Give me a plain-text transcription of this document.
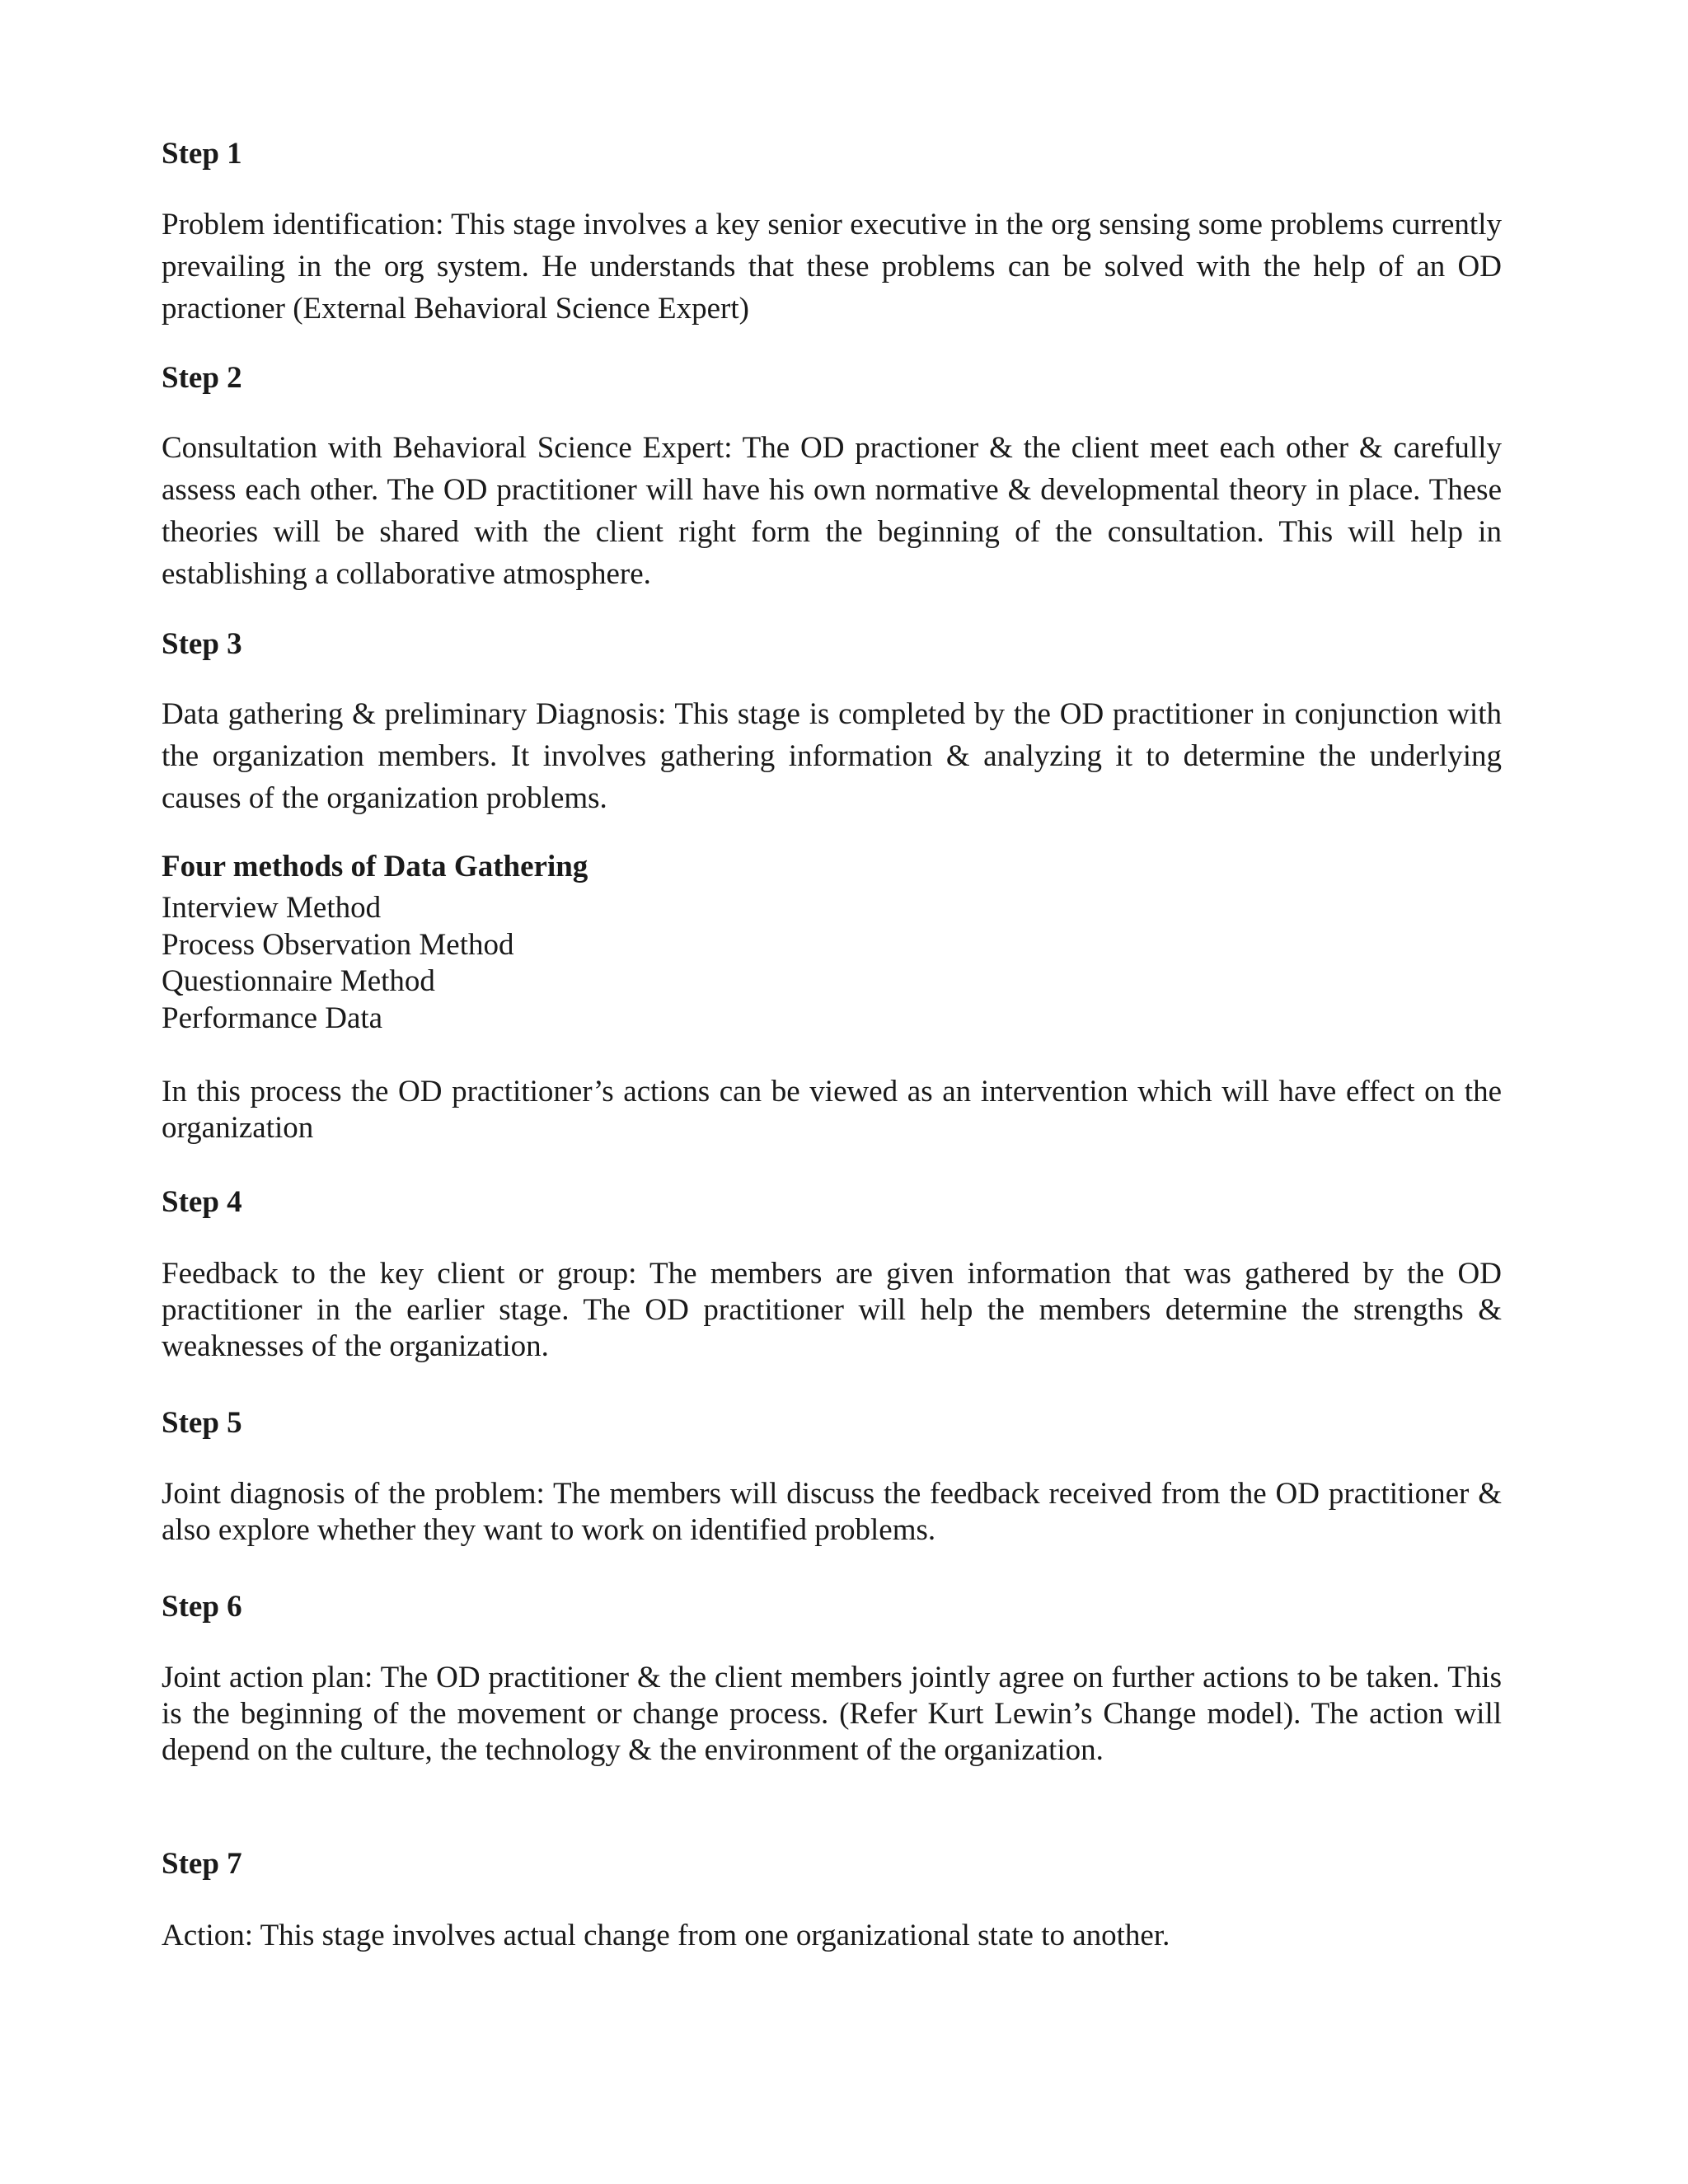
Step 1

Problem identification: This stage involves a key senior executive in the org sensing some problems currently prevailing in the org system. He understands that these problems can be solved with the help of an OD practioner (External Behavioral Science Expert)

Step 2

Consultation with Behavioral Science Expert: The OD practioner & the client meet each other & carefully assess each other. The OD practitioner will have his own normative & developmental theory in place. These theories will be shared with the client right form the beginning of the consultation. This will help in establishing a collaborative atmosphere.

Step 3

Data gathering & preliminary Diagnosis: This stage is completed by the OD practitioner in conjunction with the organization members. It involves gathering information & analyzing it to determine the underlying causes of the organization problems.

Four methods of Data Gathering
Interview Method
Process Observation Method
Questionnaire Method
Performance Data

In this process the OD practitioner’s actions can be viewed as an intervention which will have effect on the organization

Step 4

Feedback to the key client or group: The members are given information that was gathered by the OD practitioner in the earlier stage. The OD practitioner will help the members determine the strengths & weaknesses of the organization.

Step 5

Joint diagnosis of the problem: The members will discuss the feedback received from the OD practitioner & also explore whether they want to work on identified problems.

Step 6

Joint action plan: The OD practitioner & the client members jointly agree on further actions to be taken. This is the beginning of the movement or change process. (Refer Kurt Lewin’s Change model). The action will depend on the culture, the technology & the environment of the organization.

Step 7

Action: This stage involves actual change from one organizational state to another.
